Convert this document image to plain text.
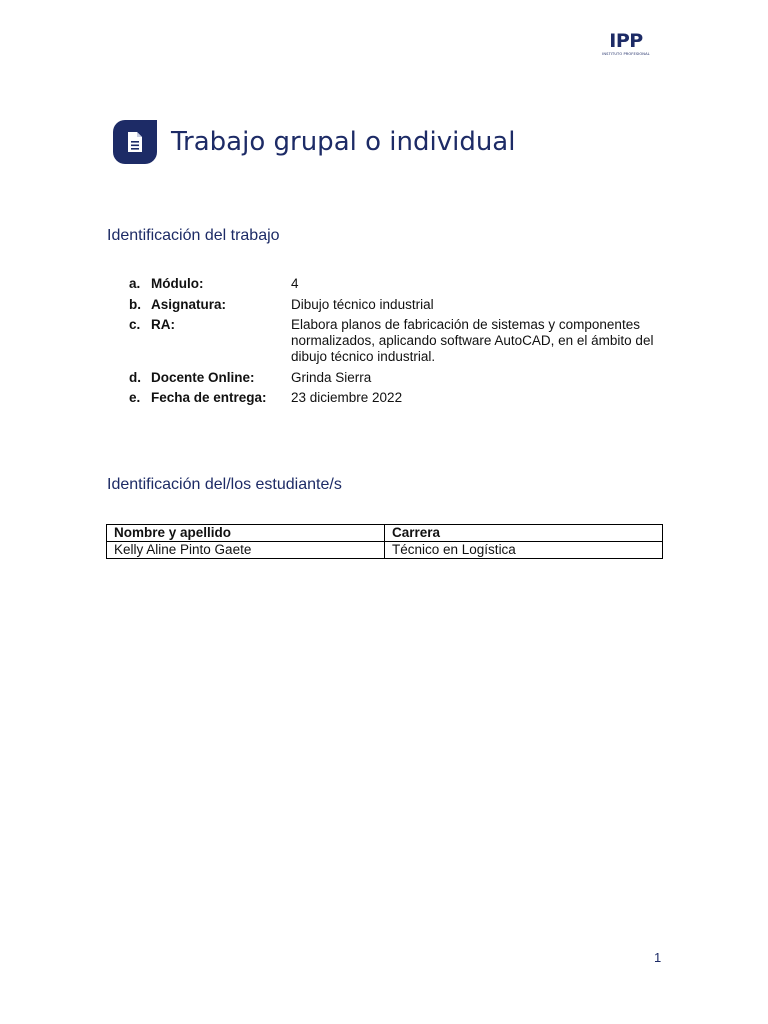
IPP
INSTITUTO PROFESIONAL
Trabajo grupal o individual
Identificación del trabajo
a. Módulo:	4
b. Asignatura:	Dibujo técnico industrial
c. RA:	Elabora planos de fabricación de sistemas y componentes normalizados, aplicando software AutoCAD, en el ámbito del dibujo técnico industrial.
d. Docente Online:	Grinda Sierra
e. Fecha de entrega:	23 diciembre 2022
Identificación del/los estudiante/s
Nombre y apellido	Carrera
Kelly Aline Pinto Gaete	Técnico en Logística
1
